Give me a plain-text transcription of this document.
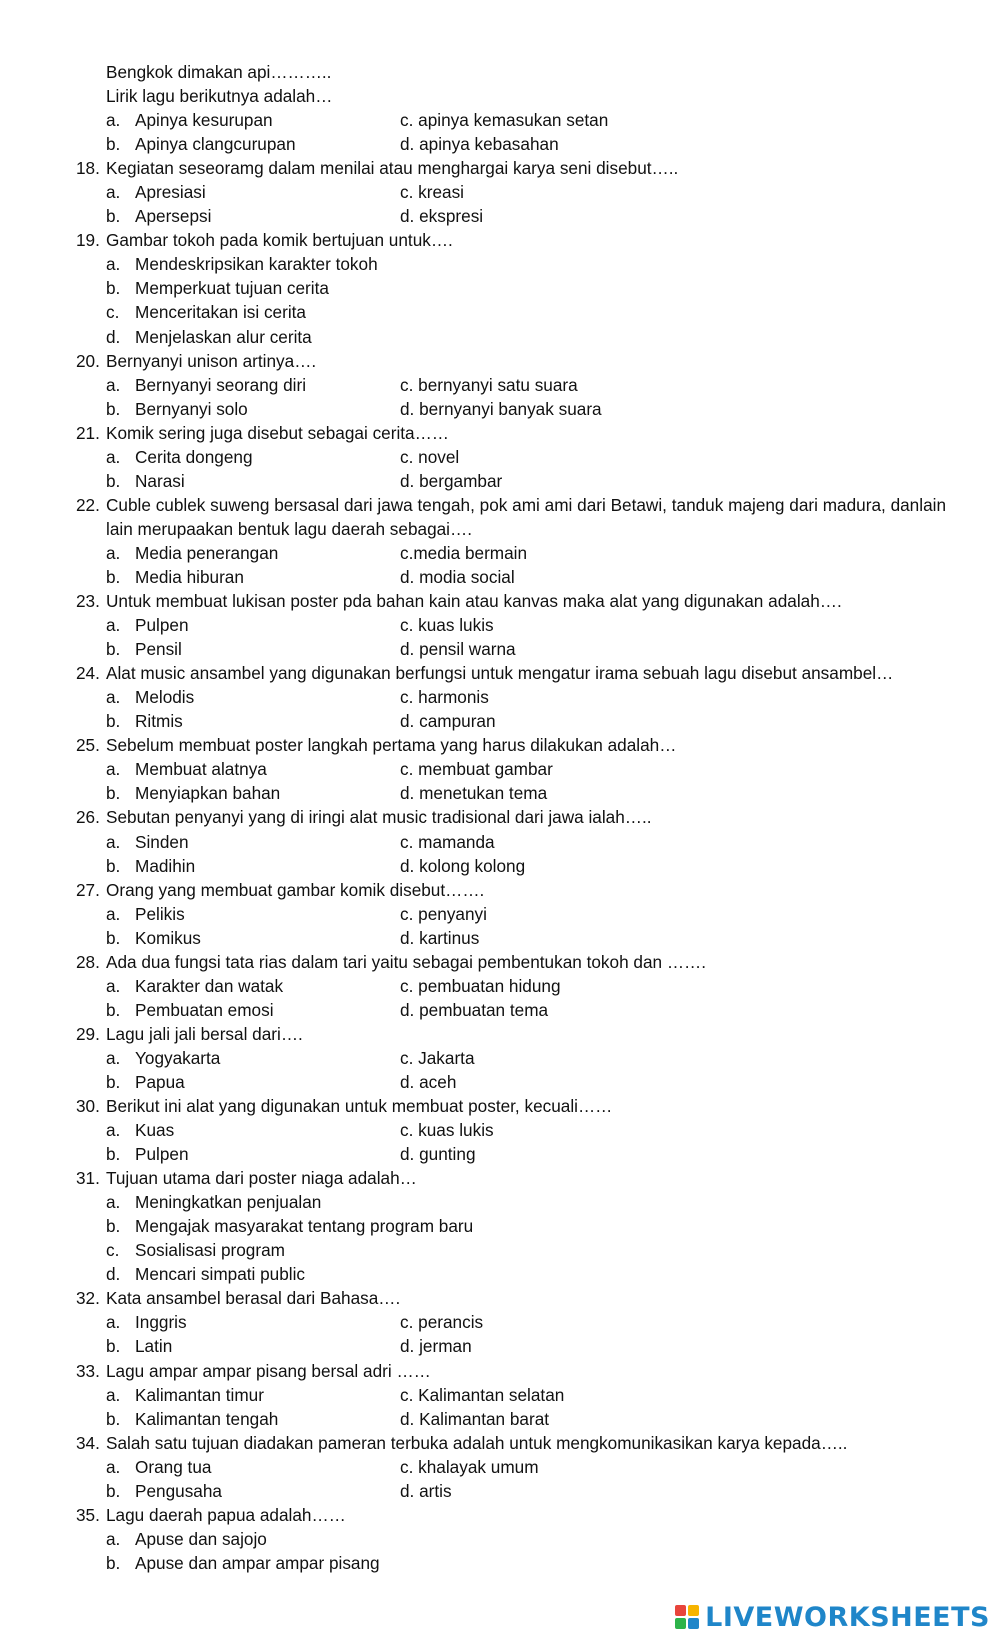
Bengkok dimakan api………..
Lirik lagu berikutnya adalah…
a. Apinya kesurupan	c. apinya kemasukan setan
b. Apinya clangcurupan	d. apinya kebasahan
18. Kegiatan seseoramg dalam menilai atau menghargai karya seni disebut…..
a. Apresiasi	c. kreasi
b. Apersepsi	d. ekspresi
19. Gambar tokoh pada komik bertujuan untuk….
a. Mendeskripsikan karakter tokoh
b. Memperkuat tujuan cerita
c. Menceritakan isi cerita
d. Menjelaskan alur cerita
20. Bernyanyi unison artinya….
a. Bernyanyi seorang diri	c. bernyanyi satu suara
b. Bernyanyi solo	d. bernyanyi banyak suara
21. Komik sering juga disebut sebagai cerita……
a. Cerita dongeng	c. novel
b. Narasi	d. bergambar
22. Cuble cublek suweng bersasal dari jawa tengah, pok ami ami dari Betawi, tanduk majeng dari madura, danlain lain merupaakan bentuk lagu daerah sebagai….
a. Media penerangan	c.media bermain
b. Media hiburan	d. modia social
23. Untuk membuat lukisan poster pda bahan kain atau kanvas maka alat yang digunakan adalah….
a. Pulpen	c. kuas lukis
b. Pensil	d. pensil warna
24. Alat music ansambel yang digunakan berfungsi untuk mengatur irama sebuah lagu disebut ansambel…
a. Melodis	c. harmonis
b. Ritmis	d. campuran
25. Sebelum membuat poster langkah pertama yang harus dilakukan adalah…
a. Membuat alatnya	c. membuat gambar
b. Menyiapkan bahan	d. menetukan tema
26. Sebutan penyanyi yang di iringi alat music tradisional dari jawa ialah…..
a. Sinden	c. mamanda
b. Madihin	d. kolong kolong
27. Orang yang membuat gambar komik disebut…….
a. Pelikis	c. penyanyi
b. Komikus	d. kartinus
28. Ada dua fungsi tata rias dalam tari yaitu sebagai pembentukan tokoh dan …….
a. Karakter dan watak	c. pembuatan hidung
b. Pembuatan emosi	d. pembuatan tema
29. Lagu jali jali bersal dari….
a. Yogyakarta	c. Jakarta
b. Papua	d. aceh
30. Berikut ini alat yang digunakan untuk membuat poster, kecuali……
a. Kuas	c. kuas lukis
b. Pulpen	d. gunting
31. Tujuan utama dari poster niaga adalah…
a. Meningkatkan penjualan
b. Mengajak masyarakat tentang program baru
c. Sosialisasi program
d. Mencari simpati public
32. Kata ansambel berasal dari Bahasa….
a. Inggris	c. perancis
b. Latin	d. jerman
33. Lagu ampar ampar pisang bersal adri ……
a. Kalimantan timur	c. Kalimantan selatan
b. Kalimantan tengah	d. Kalimantan barat
34. Salah satu tujuan diadakan pameran terbuka adalah untuk mengkomunikasikan karya kepada…..
a. Orang tua	c. khalayak umum
b. Pengusaha	d. artis
35. Lagu daerah papua adalah……
a. Apuse dan sajojo
b. Apuse dan ampar ampar pisang
LIVEWORKSHEETS
